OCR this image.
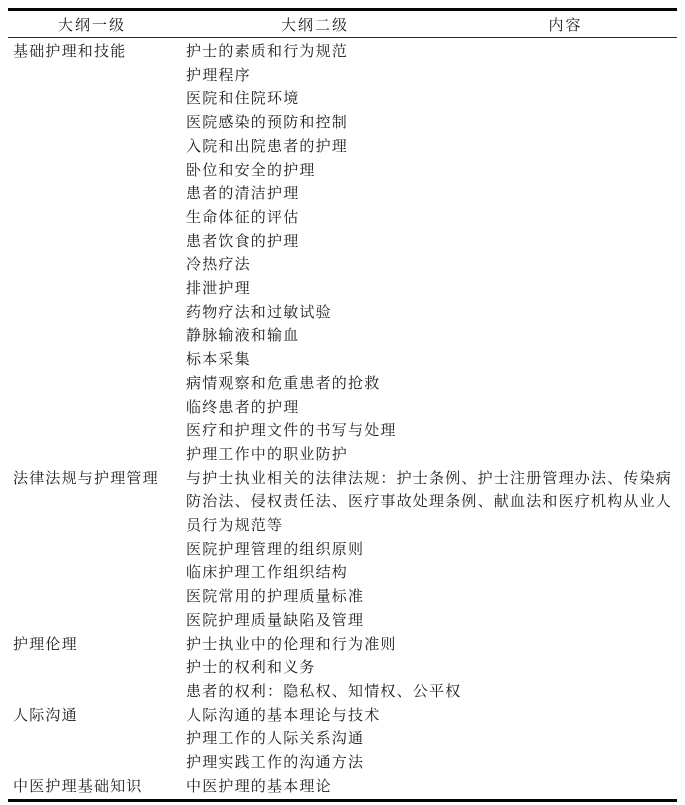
大纲一级	大纲二级	内容
基础护理和技能	护士的素质和行为规范	
	护理程序	
	医院和住院环境	
	医院感染的预防和控制	
	入院和出院患者的护理	
	卧位和安全的护理	
	患者的清洁护理	
	生命体征的评估	
	患者饮食的护理	
	冷热疗法	
	排泄护理	
	药物疗法和过敏试验	
	静脉输液和输血	
	标本采集	
	病情观察和危重患者的抢救	
	临终患者的护理	
	医疗和护理文件的书写与处理	
	护理工作中的职业防护	
法律法规与护理管理	与护士执业相关的法律法规：护士条例、护士注册管理办法、传染病防治法、侵权责任法、医疗事故处理条例、献血法和医疗机构从业人员行为规范等	
	医院护理管理的组织原则	
	临床护理工作组织结构	
	医院常用的护理质量标准	
	医院护理质量缺陷及管理	
护理伦理	护士执业中的伦理和行为准则	
	护士的权利和义务	
	患者的权利：隐私权、知情权、公平权	
人际沟通	人际沟通的基本理论与技术	
	护理工作的人际关系沟通	
	护理实践工作的沟通方法	
中医护理基础知识	中医护理的基本理论	
